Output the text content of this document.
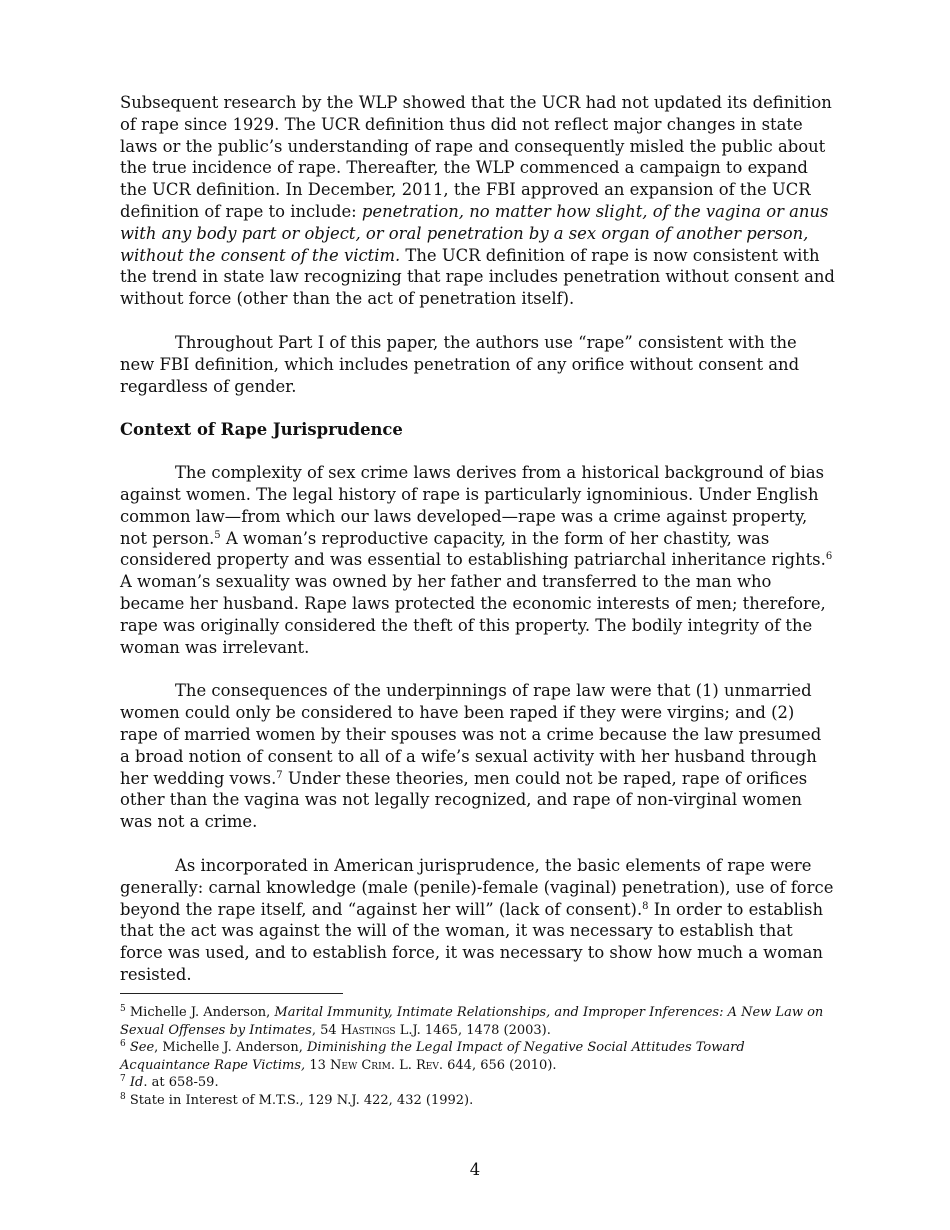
Subsequent research by the WLP showed that the UCR had not updated its definition of rape since 1929. The UCR definition thus did not reflect major changes in state laws or the public’s understanding of rape and consequently misled the public about the true incidence of rape. Thereafter, the WLP commenced a campaign to expand the UCR definition. In December, 2011, the FBI approved an expansion of the UCR definition of rape to include: penetration, no matter how slight, of the vagina or anus with any body part or object, or oral penetration by a sex organ of another person, without the consent of the victim. The UCR definition of rape is now consistent with the trend in state law recognizing that rape includes penetration without consent and without force (other than the act of penetration itself).

Throughout Part I of this paper, the authors use “rape” consistent with the new FBI definition, which includes penetration of any orifice without consent and regardless of gender.

Context of Rape Jurisprudence

The complexity of sex crime laws derives from a historical background of bias against women. The legal history of rape is particularly ignominious. Under English common law—from which our laws developed—rape was a crime against property, not person.$^5$ A woman’s reproductive capacity, in the form of her chastity, was considered property and was essential to establishing patriarchal inheritance rights.$^6$ A woman’s sexuality was owned by her father and transferred to the man who became her husband. Rape laws protected the economic interests of men; therefore, rape was originally considered the theft of this property. The bodily integrity of the woman was irrelevant.

The consequences of the underpinnings of rape law were that (1) unmarried women could only be considered to have been raped if they were virgins; and (2) rape of married women by their spouses was not a crime because the law presumed a broad notion of consent to all of a wife’s sexual activity with her husband through her wedding vows.$^7$ Under these theories, men could not be raped, rape of orifices other than the vagina was not legally recognized, and rape of non-virginal women was not a crime.

As incorporated in American jurisprudence, the basic elements of rape were generally: carnal knowledge (male (penile)-female (vaginal) penetration), use of force beyond the rape itself, and “against her will” (lack of consent).$^8$ In order to establish that the act was against the will of the woman, it was necessary to establish that force was used, and to establish force, it was necessary to show how much a woman resisted.

$^5$ Michelle J. Anderson, Marital Immunity, Intimate Relationships, and Improper Inferences: A New Law on Sexual Offenses by Intimates, 54 Hastings L.J. 1465, 1478 (2003).

$^6$ See, Michelle J. Anderson, Diminishing the Legal Impact of Negative Social Attitudes Toward Acquaintance Rape Victims, 13 New Crim. L. Rev. 644, 656 (2010).

$^7$ Id. at 658-59.

$^8$ State in Interest of M.T.S., 129 N.J. 422, 432 (1992).

4
